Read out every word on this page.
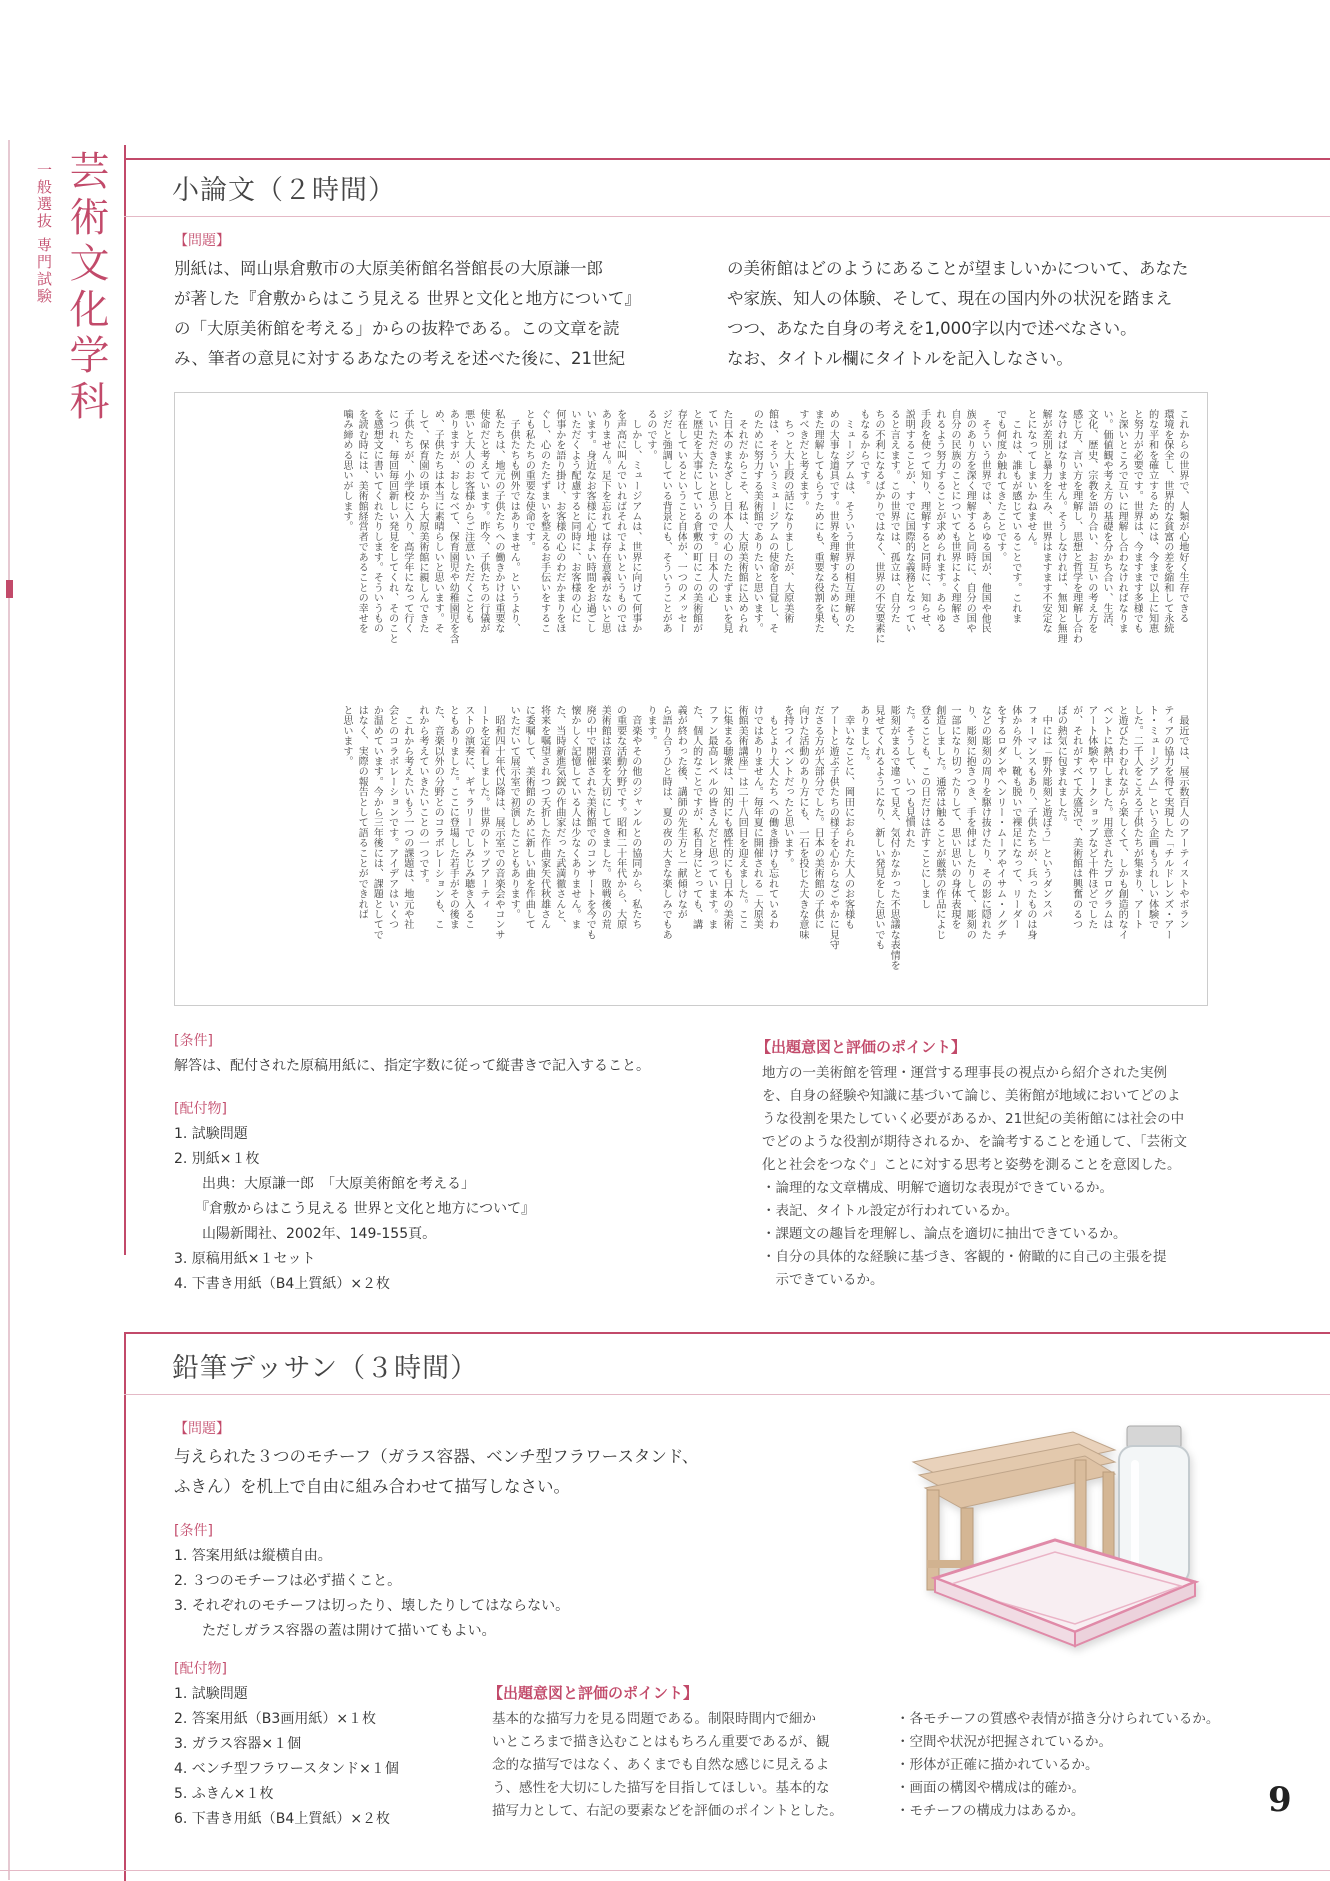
芸術文化学科
一般選抜 専門試験	小論文（２時間）
【問題】
別紙は、岡山県倉敷市の大原美術館名誉館長の大原謙一郎
が著した『倉敷からはこう見える 世界と文化と地方について』
の「大原美術館を考える」からの抜粋である。この文章を読
み、筆者の意見に対するあなたの考えを述べた後に、21世紀
の美術館はどのようにあることが望ましいかについて、あなた
や家族、知人の体験、そして、現在の国内外の状況を踏まえ
つつ、あなた自身の考えを1,000字以内で述べなさい。
なお、タイトル欄にタイトルを記入しなさい。
これからの世界で、人類が心地好く生存できる
環境を保全し、世界的な貧富の差を縮和して永続
的な平和を確立するためには、今まで以上に知恵
と努力が必要です。世界は、今ますます多様でも
と深いところで互いに理解し合わなければなりま
い。価値観や考え方の基礎を分かち合い、生活、
文化、歴史、宗教を語り合い、お互いの考え方を
感じ方、言い方を理解し、思想と哲学を理解し合わ
なければなりません。そうしなければ、無知と無理
解が差別と暴力を生み、世界はますます不安定な
とになってしまいかねません。
　これは、誰もが感じていることです。これま
でも何度か触れてきたことです。
　そういう世界では、あらゆる国が、他国や他民
族のあり方を深く理解すると同時に、自分の国や
自分の民族のことについても世界によく理解さ
れるよう努力することが求められます。あらゆる
手段を使って知り、理解すると同時に、知らせ、
説明することが、すでに国際的な義務となってい
ると言えます。この世界では、孤立は、自分た
ちの不利になるばかりではなく、世界の不安要素に
もなるからです。
　ミュージアムは、そういう世界の相互理解のた
めの大事な道具です。世界を理解するためにも、
また理解してもらうためにも、重要な役割を果た
すべきだと考えます。
　ちっと大上段の話になりましたが、大原美術
館は、そういうミュージアムの使命を自覚し、そ
のために努力する美術館でありたいと思います。
　それだからこそ、私は、大原美術館に込められ
た日本のまなざしと日本人の心のたたずまいを見
ていただきたいと思うのです。日本人の心
と歴史を大事にしている倉敷の町にこの美術館が
存在しているということ自体が、一つのメッセー
ジだと強調している背景にも、そういうことがあ
るのです。
　しかし、ミュージアムは、世界に向けて何事か
を声高に叫んでいればそれでよいというものでは
ありません。足下を忘れては存在意義がないと思
います。身近なお客様に心地よい時間をお過ごし
いただくよう配慮すると同時に、お客様の心に
何事かを語り掛け、お客様の心のわだかまりをほ
ぐし、心のたたずまいを整えるお手伝いをするこ
とも私たちの重要な使命です。
　子供たちも例外ではありません。というより、
私たちは、地元の子供たちへの働きかけは重要な
使命だと考えています。昨今、子供たちの行儀が
悪いと大人のお客様からご注意いただくことも
ありますが、おしなべて、保育園児や幼稚園児を含
め、子供たちは本当に素晴らしいと思います。そ
して、保育園の頃から大原美術館に親しんできた
子供たちが、小学校に入り、高学年になって行く
につれ、毎回毎回新しい発見をしてくれ、そのこと
を感想文に書いてくれたりします。そういうもの
を読む時には、美術館経営者であることの幸せを
噛み締める思いがします。
　最近では、展示数百人のアーティストやボラン
ティアの協力を得て実現した「チルドレンズ・アー
ト・ミュージアム」という企画もうれしい体験で
した。二千人をこえる子供たちが集まり、アート
と遊びたわむれながら楽しくて、しかも創造的なイ
ベントに熱中しました。用意されたプログラムは
アート体験やワークショップなど十件ほどでした
が、それがすべて大盛況で、美術館は興奮のるつ
ぼの熱気に包まれました。
　中には「野外彫刻と遊ぼう」というダンスパ
フォーマンスもあり、子供たちが、兵ったものは身
体から外し、靴も脱いで裸足になって、リーダー
をするロダンやヘンリー・ムーアやイサム・ノグチ
などの彫刻の周りを駆け抜けたり、その影に隠れた
り、彫刻に抱きつき、手を伸ばしたりして、彫刻の
一部になり切ったりして、思い思いの身体表現を
創造しました。通常は触ることが厳禁の作品によじ
登ることも、この日だけは許すことにしまし
た。そうして、いつも見慣れた
彫刻がまるで違って見え、気付かなかった不思議な表情を
見せてくれるようになり、新しい発見をした思いでも
ありました。
　幸いなことに、岡田におられた大人のお客様も
アートと遊ぶ子供たちの様子を心からなごやかに見守
ださる方が大部分でした。日本の美術館の子供に
向けた活動のあり方にも、一石を投じた大きな意味
を持つイベントだったと思います。
　もとより大人たちへの働き掛けも忘れているわ
けではありません。毎年夏に開催される「大原美
術館美術講座」は二十八回目を迎えました。ここ
に集まる聴衆は、知的にも感性的にも日本の美術
ファン最高レベルの皆さんだと思っています。ま
た、個人的なことですが、私自身にとっても、講
義が終わった後、講師の先生方と一献傾けなが
ら語り合うひと時は、夏の夜の大きな楽しみでもあ
ります。
　音楽やその他のジャンルとの協同から、私たち
の重要な活動分野です。昭和二十年代から、大原
美術館は音楽を大切にしてきました。敗戦後の荒
廃の中で開催された美術館でのコンサートを今でも
懐かしく記憶している人は少なくありません。ま
た、当時新進気鋭の作曲家だった武満徹さんと、
将来を嘱望されつつ夭折した作曲家矢代秋雄さん
に委嘱して、美術館のために新しい曲を作曲して
いただいて展示室で初演したこともあります。
　昭和四十年代以降は、展示室での音楽会やコンサ
ートを定着しました。世界のトップアーティ
ストの演奏に、ギャラリーでしみじみ聴き入るこ
ともありました。ここに登場した若手がその後ま
た、音楽以外の分野とのコラボレーションも、こ
れから考えていきたいことの一つです。
　これから考えたいもう一つの課題は、地元や社
会とのコラボレーションです。アイデアはいくつ
か温めています。今から三年後には、課題としてで
はなく、実際の報告として語ることができれば
と思います。
[条件]
解答は、配付された原稿用紙に、指定字数に従って縦書きで記入すること。
[配付物]
1. 試験問題
2. 別紙×１枚
　　出典：大原謙一郎　「大原美術館を考える」
　　『倉敷からはこう見える 世界と文化と地方について』
　　山陽新聞社、2002年、149-155頁。
3. 原稿用紙×１セット
4. 下書き用紙（B4上質紙）×２枚
【出題意図と評価のポイント】
地方の一美術館を管理・運営する理事長の視点から紹介された実例
を、自身の経験や知識に基づいて論じ、美術館が地域においてどのよ
うな役割を果たしていく必要があるか、21世紀の美術館には社会の中
でどのような役割が期待されるか、を論考することを通して、「芸術文
化と社会をつなぐ」ことに対する思考と姿勢を測ることを意図した。
・論理的な文章構成、明解で適切な表現ができているか。
・表記、タイトル設定が行われているか。
・課題文の趣旨を理解し、論点を適切に抽出できているか。
・自分の具体的な経験に基づき、客観的・俯瞰的に自己の主張を提
　示できているか。
鉛筆デッサン（３時間）
【問題】
与えられた３つのモチーフ（ガラス容器、ベンチ型フラワースタンド、
ふきん）を机上で自由に組み合わせて描写しなさい。
[条件]
1. 答案用紙は縦横自由。
2. ３つのモチーフは必ず描くこと。
3. それぞれのモチーフは切ったり、壊したりしてはならない。
　　ただしガラス容器の蓋は開けて描いてもよい。
[配付物]
1. 試験問題
2. 答案用紙（B3画用紙）×１枚
3. ガラス容器×１個
4. ベンチ型フラワースタンド×１個
5. ふきん×１枚
6. 下書き用紙（B4上質紙）×２枚
【出題意図と評価のポイント】
基本的な描写力を見る問題である。制限時間内で細か
いところまで描き込むことはもちろん重要であるが、観
念的な描写ではなく、あくまでも自然な感じに見えるよ
う、感性を大切にした描写を目指してほしい。基本的な
描写力として、右記の要素などを評価のポイントとした。
・各モチーフの質感や表情が描き分けられているか。
・空間や状況が把握されているか。
・形体が正確に描かれているか。
・画面の構図や構成は的確か。
・モチーフの構成力はあるか。	9
